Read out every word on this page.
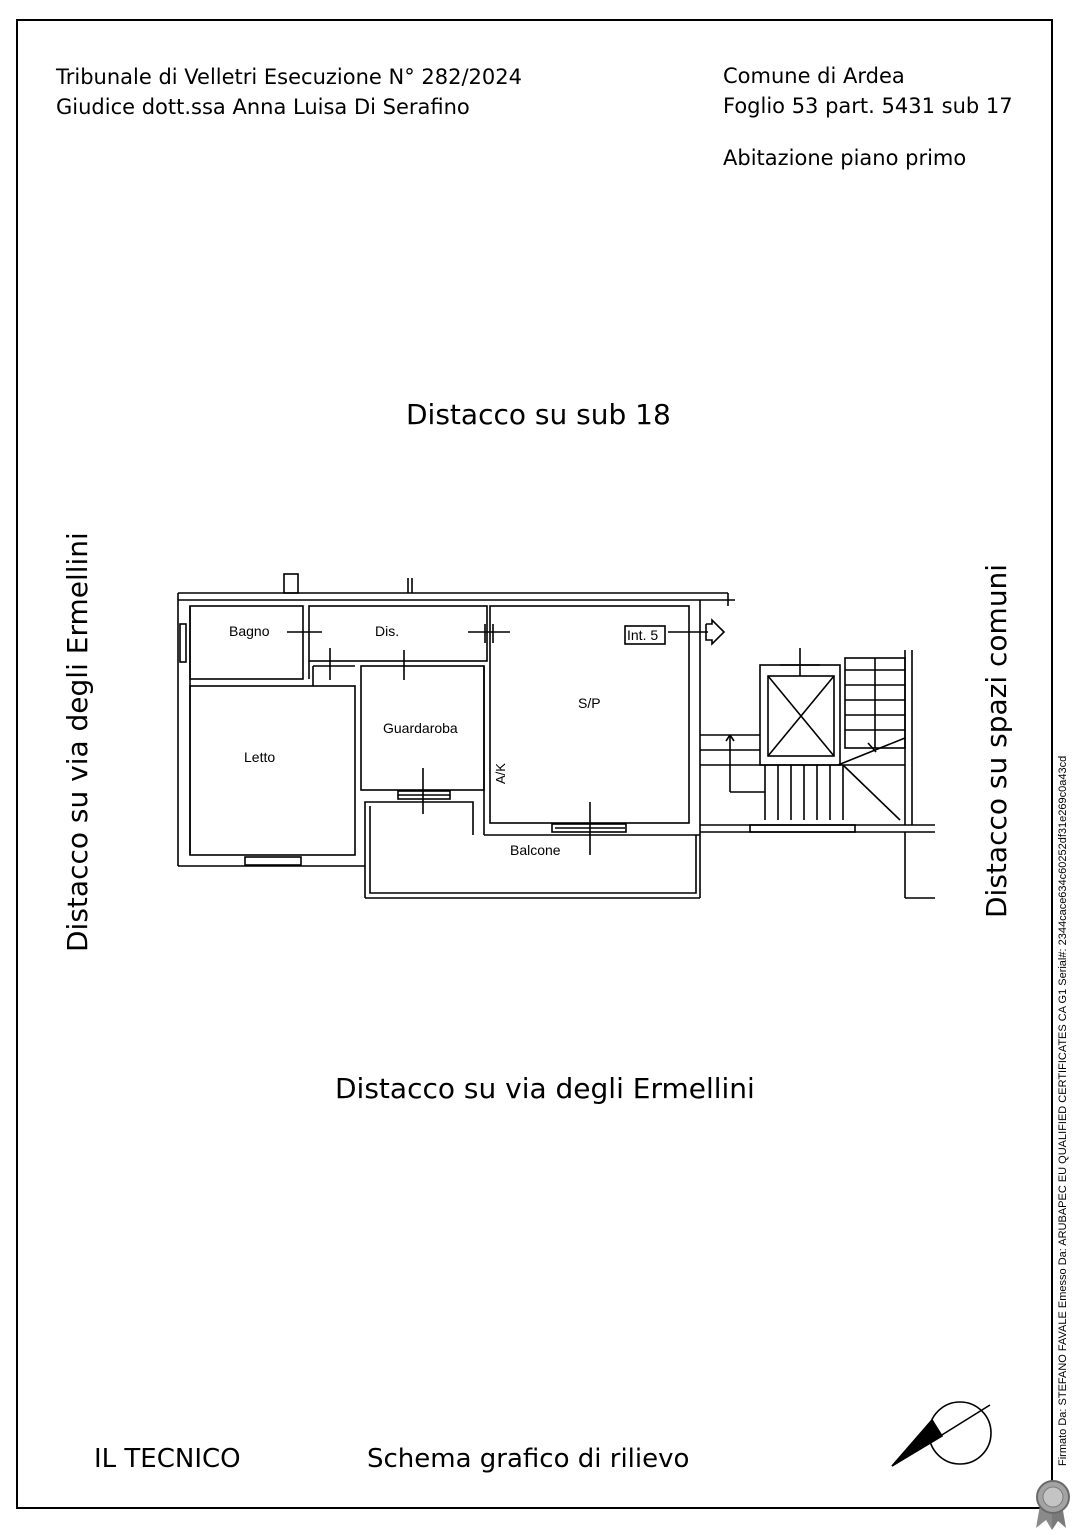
Tribunale di Velletri Esecuzione N° 282/2024
Giudice dott.ssa Anna Luisa Di Serafino
Comune di Ardea
Foglio 53 part. 5431 sub 17
Abitazione piano primo
Distacco su sub 18
Distacco su via degli Ermellini
Distacco su via degli Ermellini	Distacco su spazi comuni
Bagno	Dis.	Int. 5
S/P
Guardaroba
Letto
Balcone
A/K
IL TECNICO	Schema grafico di rilievo	Firmato Da: STEFANO FAVALE Emesso Da: ARUBAPEC EU QUALIFIED CERTIFICATES CA G1 Serial#: 2344cace634c60252df31e269c0a43cd
